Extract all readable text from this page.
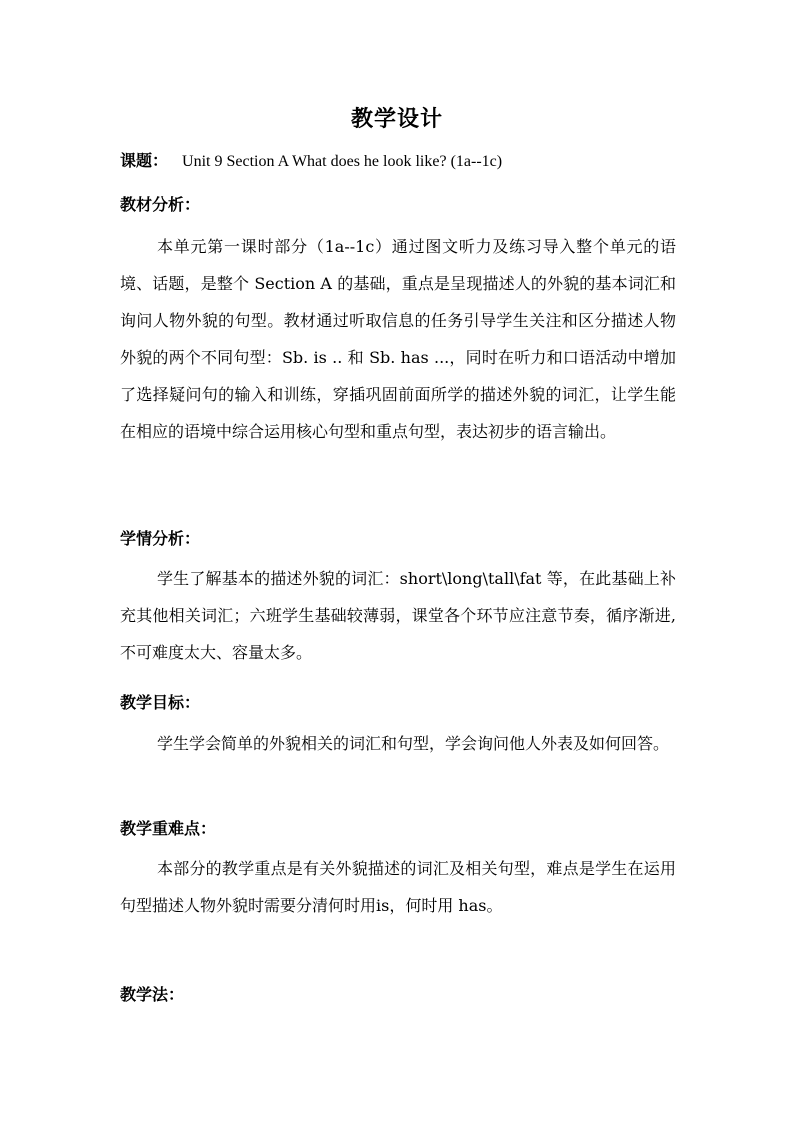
教学设计
课题： Unit 9 Section A What does he look like? (1a--1c)
教材分析：

本单元第一课时部分（1a--1c）通过图文听力及练习导入整个单元的语境、话题，是整个 Section A 的基础，重点是呈现描述人的外貌的基本词汇和询问人物外貌的句型。教材通过听取信息的任务引导学生关注和区分描述人物外貌的两个不同句型：Sb. is .. 和 Sb. has ...，同时在听力和口语活动中增加了选择疑问句的输入和训练，穿插巩固前面所学的描述外貌的词汇，让学生能在相应的语境中综合运用核心句型和重点句型，表达初步的语言输出。

学情分析：

学生了解基本的描述外貌的词汇：short\long\tall\fat 等，在此基础上补充其他相关词汇；六班学生基础较薄弱，课堂各个环节应注意节奏，循序渐进,不可难度太大、容量太多。

教学目标：

学生学会简单的外貌相关的词汇和句型，学会询问他人外表及如何回答。

教学重难点：

本部分的教学重点是有关外貌描述的词汇及相关句型，难点是学生在运用句型描述人物外貌时需要分清何时用is，何时用 has。

教学法：
